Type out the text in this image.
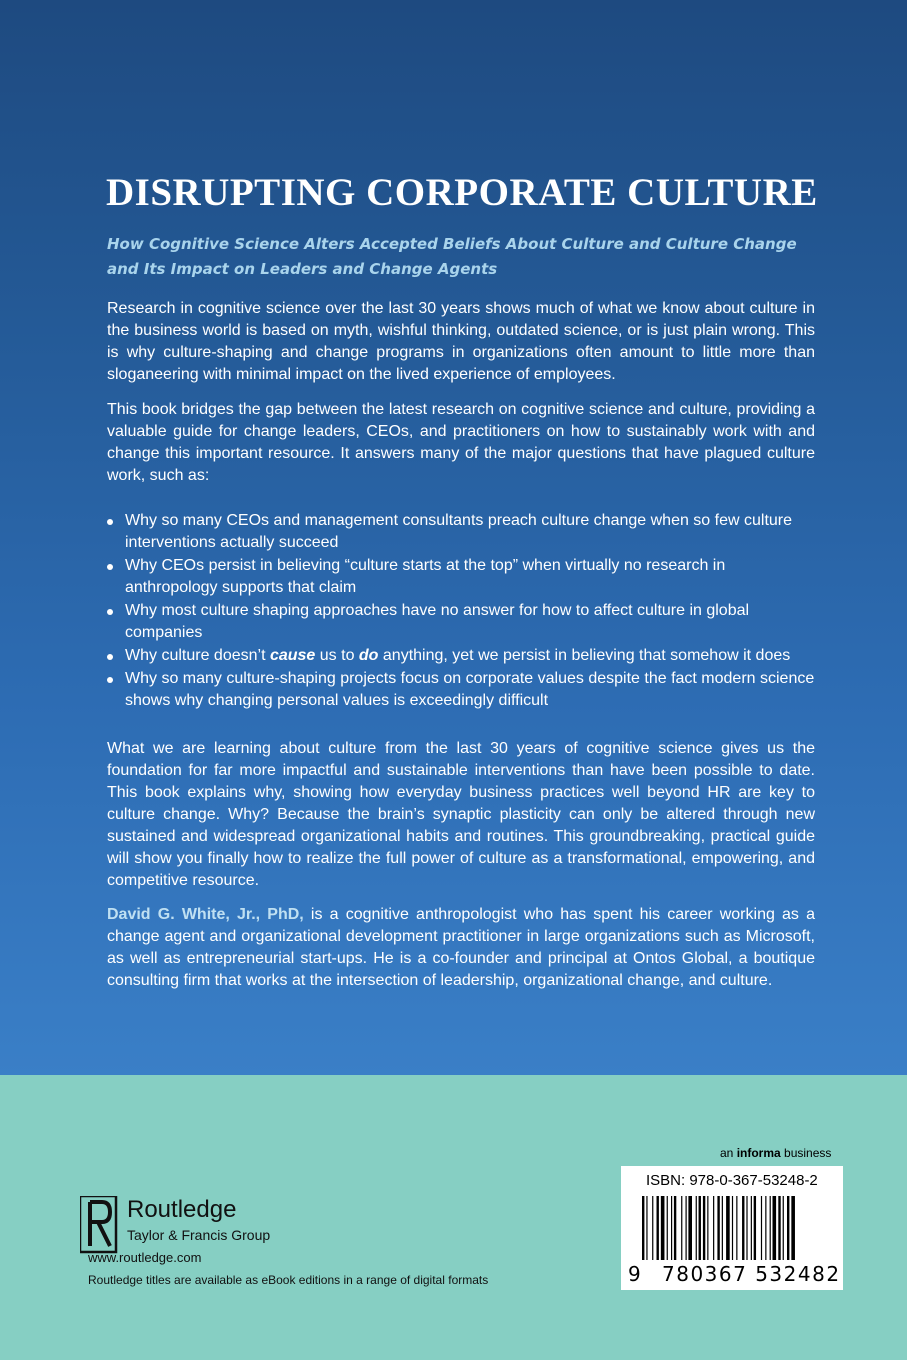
DISRUPTING CORPORATE CULTURE
How Cognitive Science Alters Accepted Beliefs About Culture and Culture Change
and Its Impact on Leaders and Change Agents
Research in cognitive science over the last 30 years shows much of what we know about culture in the business world is based on myth, wishful thinking, outdated science, or is just plain wrong. This is why culture-shaping and change programs in organizations often amount to little more than sloganeering with minimal impact on the lived experience of employees.
This book bridges the gap between the latest research on cognitive science and culture, providing a valuable guide for change leaders, CEOs, and practitioners on how to sustainably work with and change this important resource. It answers many of the major questions that have plagued culture work, such as:
Why so many CEOs and management consultants preach culture change when so few culture interventions actually succeed
Why CEOs persist in believing “culture starts at the top” when virtually no research in anthropology supports that claim
Why most culture shaping approaches have no answer for how to affect culture in global companies
Why culture doesn’t cause us to do anything, yet we persist in believing that somehow it does
Why so many culture-shaping projects focus on corporate values despite the fact modern science shows why changing personal values is exceedingly difficult
What we are learning about culture from the last 30 years of cognitive science gives us the foundation for far more impactful and sustainable interventions than have been possible to date. This book explains why, showing how everyday business practices well beyond HR are key to culture change. Why? Because the brain’s synaptic plasticity can only be altered through new sustained and widespread organizational habits and routines. This groundbreaking, practical guide will show you finally how to realize the full power of culture as a transformational, empowering, and competitive resource.
David G. White, Jr., PhD, is a cognitive anthropologist who has spent his career working as a change agent and organizational development practitioner in large organizations such as Microsoft, as well as entrepreneurial start-ups. He is a co-founder and principal at Ontos Global, a boutique consulting firm that works at the intersection of leadership, organizational change, and culture.
an informa business
ISBN: 978-0-367-53248-2
9 780367 532482
Routledge
Taylor & Francis Group
www.routledge.com
Routledge titles are available as eBook editions in a range of digital formats
